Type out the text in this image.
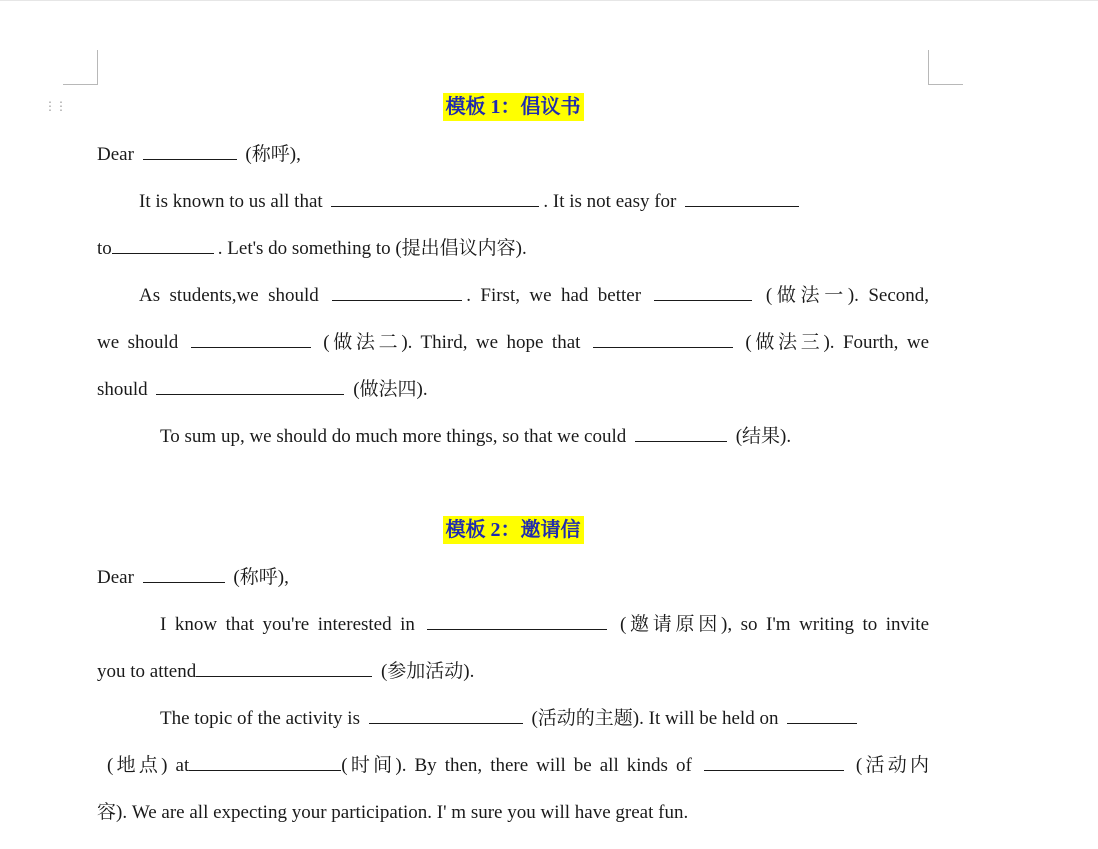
⋮⋮	模板 1：倡议书
Dear	(称呼),
It is known to us all that	. It is not easy for
to	. Let's do something to (提出倡议内容).
As students,we should	. First, we had better	(做法一). Second,
we should	(做法二). Third, we hope that	(做法三). Fourth, we
should	(做法四).
To sum up, we should do much more things, so that we could	(结果).
模板 2：邀请信
Dear	(称呼),
I know that you're interested in	(邀请原因), so I'm writing to invite
you to attend	(参加活动).
The topic of the activity is	(活动的主题). It will be held on
(地点) at	(时间). By then, there will be all kinds of	(活动内
容). We are all expecting your participation. I' m sure you will have great fun.
